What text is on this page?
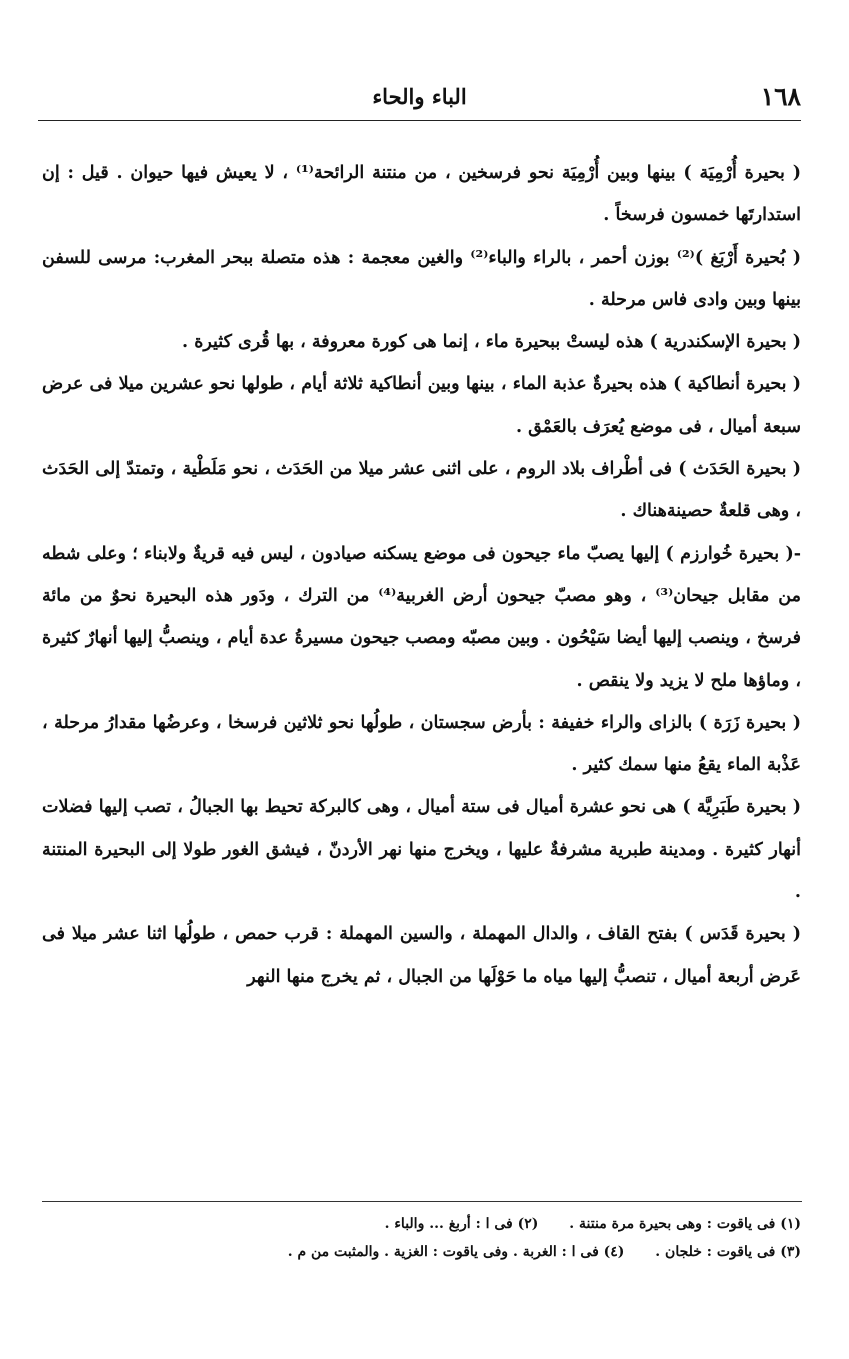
١٦٨
الباء والحاء

( بحيرة أُرْمِيَة ) بينها وبين أُرْمِيَة نحو فرسخين ، من منتنة الرائحة⁽¹⁾ ، لا يعيش فيها حيوان . قيل : إن استدارتَها خمسون فرسخاً .

( بُحيرة أَرْبَغ )⁽²⁾ بوزن أحمر ، بالراء والباء⁽²⁾ والغين معجمة : هذه متصلة ببحر المغرب: مرسى للسفن بينها وبين وادى فاس مرحلة .

( بحيرة الإسكندرية ) هذه ليستْ ببحيرة ماء ، إنما هى كورة معروفة ، بها قُرى كثيرة .

( بحيرة أنطاكية ) هذه بحيرةٌ عذبة الماء ، بينها وبين أنطاكية ثلاثة أيام ، طولها نحو عشرين ميلا فى عرض سبعة أميال ، فى موضع يُعرَف بالعَمْق .

( بحيرة الحَدَث ) فى أطْراف بلاد الروم ، على اثنى عشر ميلا من الحَدَث ، نحو مَلَطْية ، وتمتدّ إلى الحَدَث ، وهى قلعةٌ حصينةهناك .

-( بحيرة خُوارزم ) إليها يصبّ ماء جيحون فى موضع يسكنه صيادون ، ليس فيه قريةٌ ولابناء ؛ وعلى شطه من مقابل جيحان⁽³⁾ ، وهو مصبّ جيحون أرض الغربية⁽⁴⁾ من الترك ، ودَور هذه البحيرة نحوٌ من مائة فرسخ ، وينصب إليها أيضا سَيْحُون . وبين مصبّه ومصب جيحون مسيرةُ عدة أيام ، وينصبُّ إليها أنهارٌ كثيرة ، وماؤها ملح لا يزيد ولا ينقص .

( بحيرة زَرَة ) بالزاى والراء خفيفة : بأرض سجستان ، طولُها نحو ثلاثين فرسخا ، وعرضُها مقدارُ مرحلة ، عَذْبة الماء يقعُ منها سمك كثير .

( بحيرة طَبَرِيَّة ) هى نحو عشرة أميال فى ستة أميال ، وهى كالبركة تحيط بها الجبالُ ، تصب إليها فضلات أنهار كثيرة . ومدينة طبرية مشرفةٌ عليها ، ويخرج منها نهر الأردنّ ، فيشق الغور طولا إلى البحيرة المنتنة .

( بحيرة قَدَس ) بفتح القاف ، والدال المهملة ، والسين المهملة : قرب حمص ، طولُها اثنا عشر ميلا فى عَرض أربعة أميال ، تنصبُّ إليها مياه ما حَوْلَها من الجبال ، ثم يخرج منها النهر

(١) فى ياقوت : وهى بحيرة مرة منتنة . (٢) فى ا : أربغ ... والباء .
(٣) فى ياقوت : خلجان . (٤) فى ا : الغربة . وفى ياقوت : الغزية . والمثبت من م .
